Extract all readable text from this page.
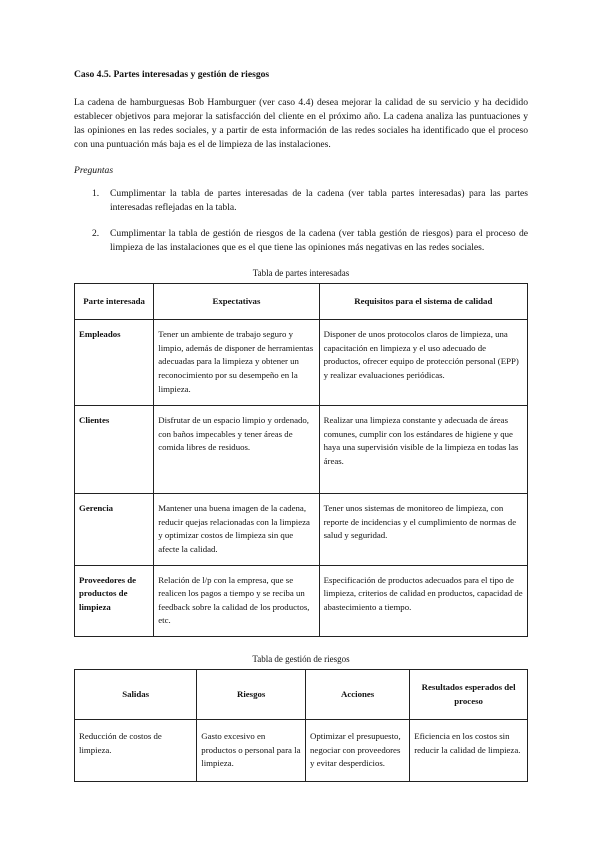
Caso 4.5. Partes interesadas y gestión de riesgos

La cadena de hamburguesas Bob Hamburguer (ver caso 4.4) desea mejorar la calidad de su servicio y ha decidido establecer objetivos para mejorar la satisfacción del cliente en el próximo año. La cadena analiza las puntuaciones y las opiniones en las redes sociales, y a partir de esta información de las redes sociales ha identificado que el proceso con una puntuación más baja es el de limpieza de las instalaciones.

Preguntas

1. Cumplimentar la tabla de partes interesadas de la cadena (ver tabla partes interesadas) para las partes interesadas reflejadas en la tabla.
2. Cumplimentar la tabla de gestión de riesgos de la cadena (ver tabla gestión de riesgos) para el proceso de limpieza de las instalaciones que es el que tiene las opiniones más negativas en las redes sociales.
Tabla de partes interesadas
Parte interesada	Expectativas	Requisitos para el sistema de calidad
Empleados	Tener un ambiente de trabajo seguro y limpio, además de disponer de herramientas adecuadas para la limpieza y obtener un reconocimiento por su desempeño en la limpieza.	Disponer de unos protocolos claros de limpieza, una capacitación en limpieza y el uso adecuado de productos, ofrecer equipo de protección personal (EPP) y realizar evaluaciones periódicas.
Clientes	Disfrutar de un espacio limpio y ordenado, con baños impecables y tener áreas de comida libres de residuos.	Realizar una limpieza constante y adecuada de áreas comunes, cumplir con los estándares de higiene y que haya una supervisión visible de la limpieza en todas las áreas.
Gerencia	Mantener una buena imagen de la cadena, reducir quejas relacionadas con la limpieza y optimizar costos de limpieza sin que afecte la calidad.	Tener unos sistemas de monitoreo de limpieza, con reporte de incidencias y el cumplimiento de normas de salud y seguridad.
Proveedores de productos de limpieza	Relación de l/p con la empresa, que se realicen los pagos a tiempo y se reciba un feedback sobre la calidad de los productos, etc.	Especificación de productos adecuados para el tipo de limpieza, criterios de calidad en productos, capacidad de abastecimiento a tiempo.
Tabla de gestión de riesgos
Salidas	Riesgos	Acciones	Resultados esperados del proceso
Reducción de costos de limpieza.	Gasto excesivo en productos o personal para la limpieza.	Optimizar el presupuesto, negociar con proveedores y evitar desperdicios.	Eficiencia en los costos sin reducir la calidad de limpieza.
